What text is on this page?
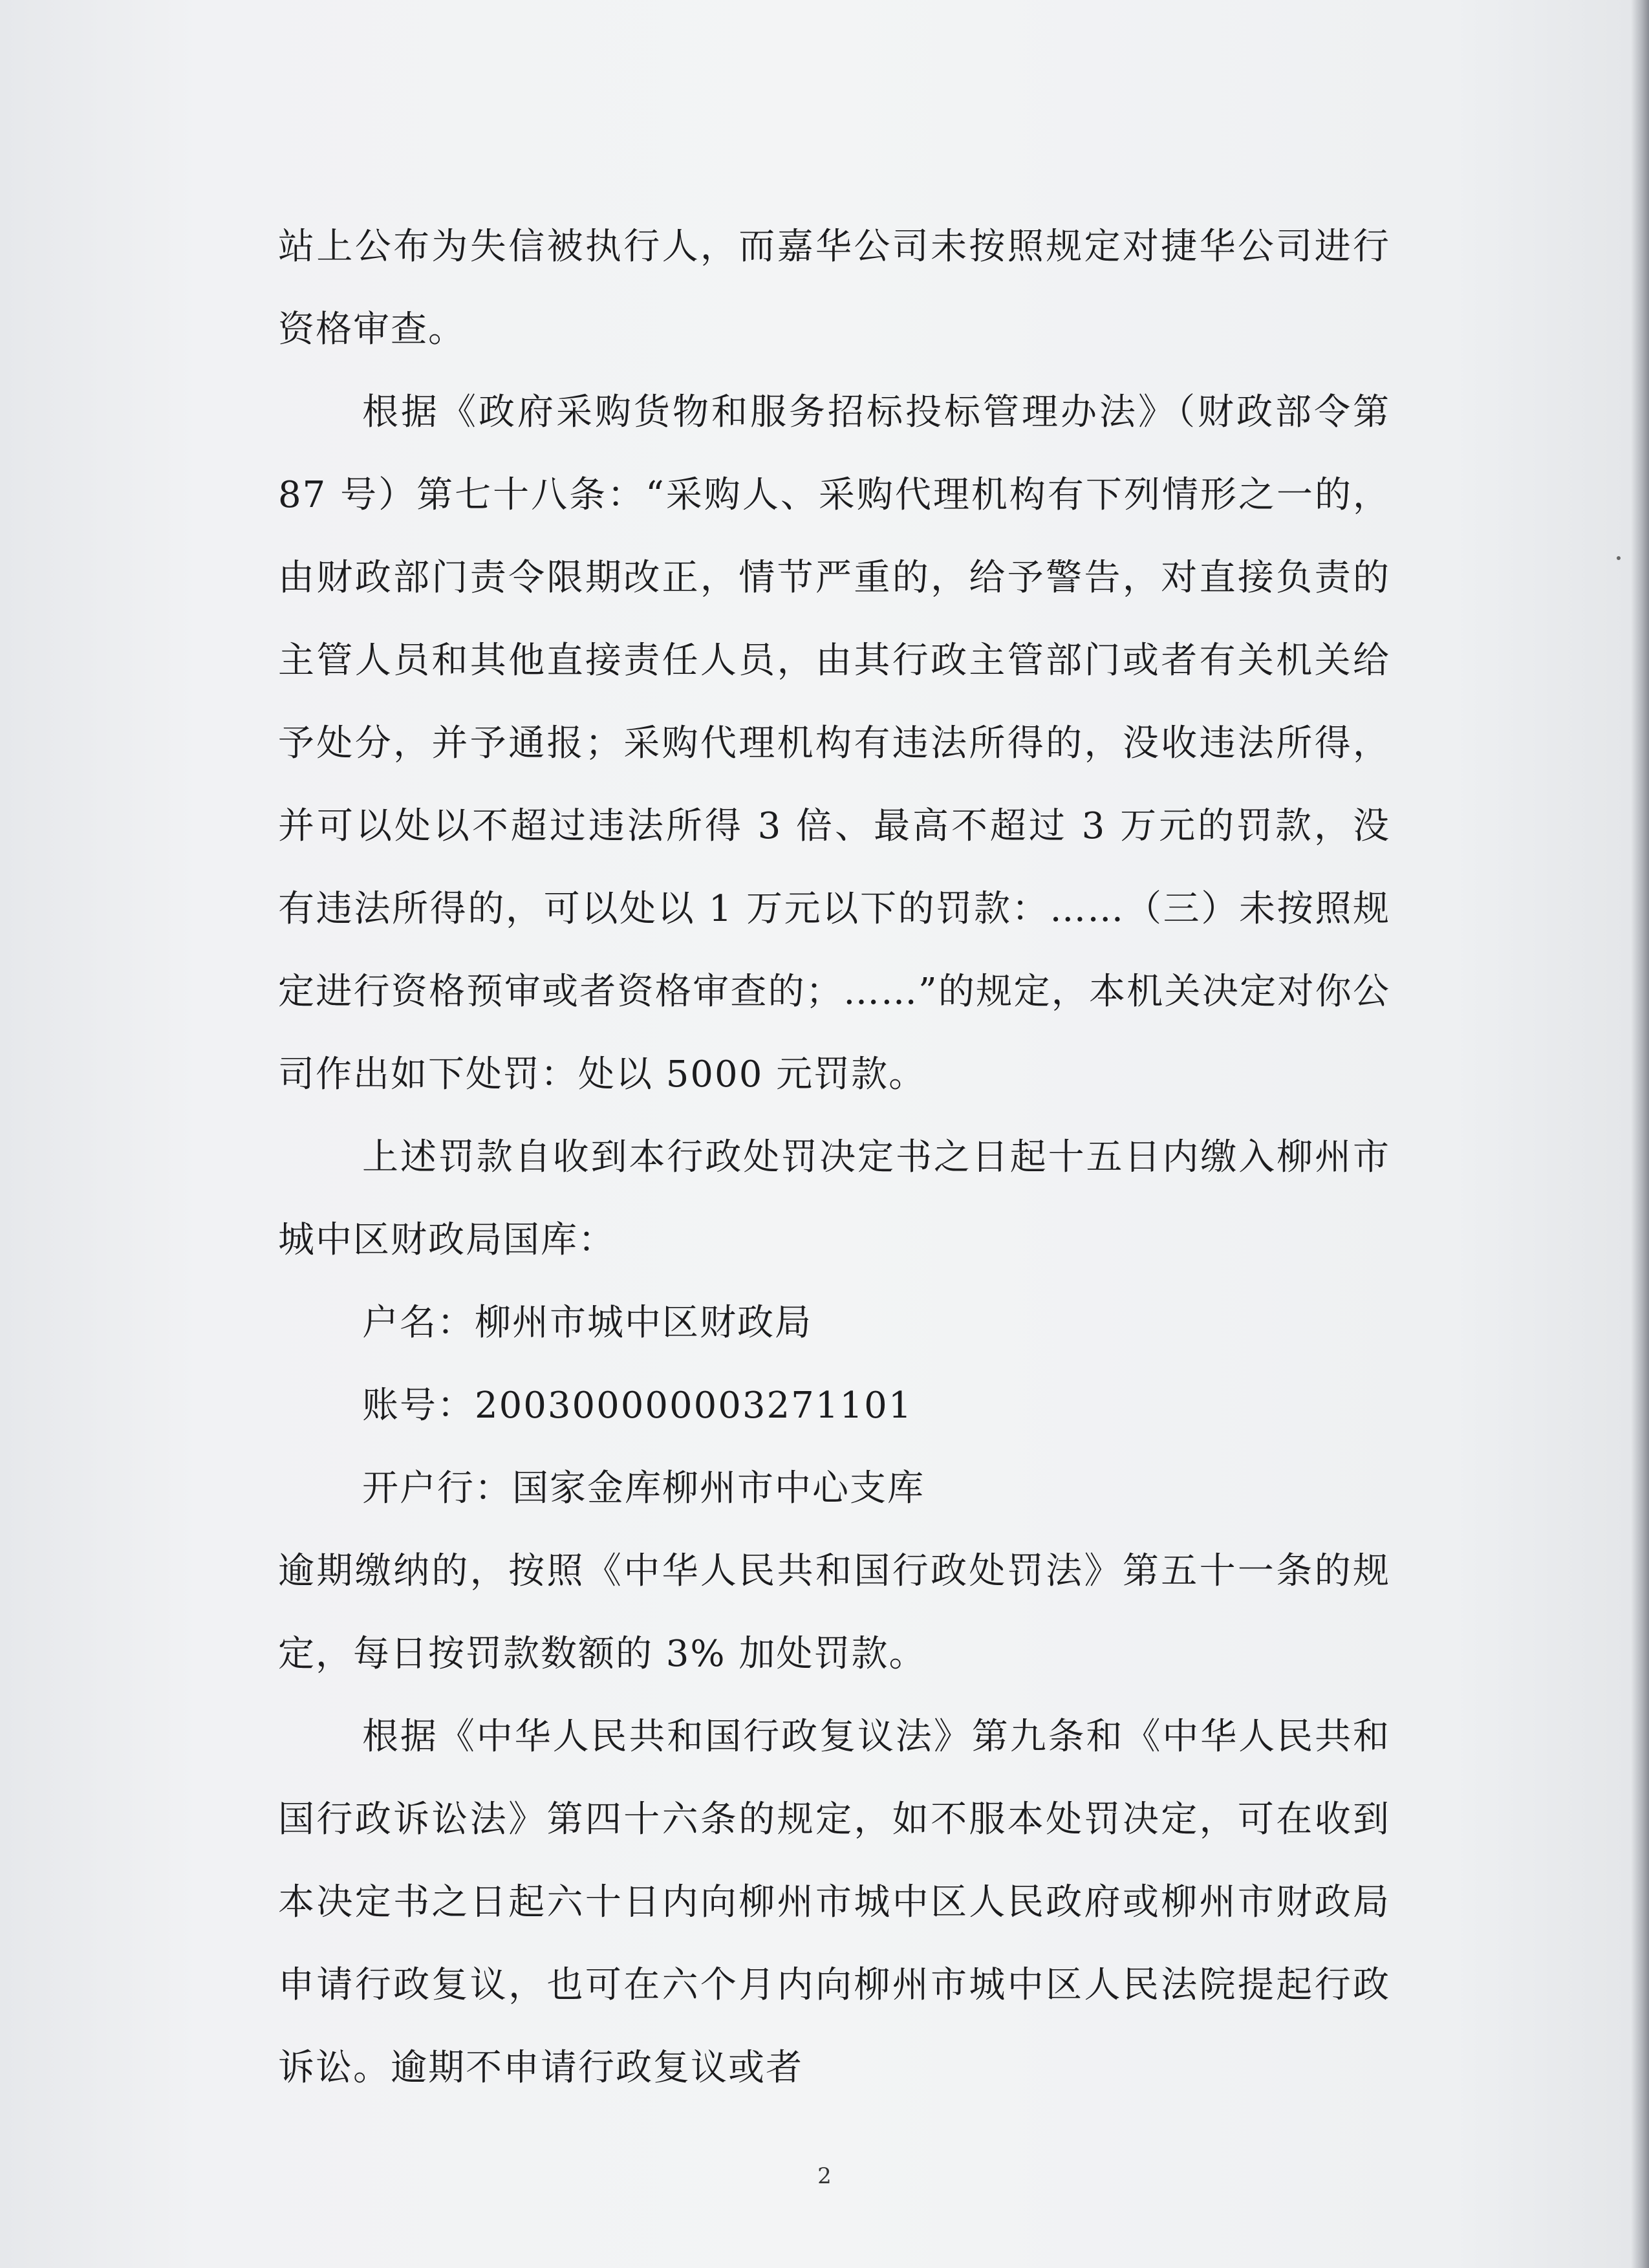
站上公布为失信被执行人，而嘉华公司未按照规定对捷华公司进行资格审查。

根据《政府采购货物和服务招标投标管理办法》（财政部令第 87 号）第七十八条：“采购人、采购代理机构有下列情形之一的，由财政部门责令限期改正，情节严重的，给予警告，对直接负责的主管人员和其他直接责任人员，由其行政主管部门或者有关机关给予处分，并予通报；采购代理机构有违法所得的，没收违法所得，并可以处以不超过违法所得 3 倍、最高不超过 3 万元的罚款，没有违法所得的，可以处以 1 万元以下的罚款：……（三）未按照规定进行资格预审或者资格审查的；……”的规定，本机关决定对你公司作出如下处罚：处以 5000 元罚款。

上述罚款自收到本行政处罚决定书之日起十五日内缴入柳州市城中区财政局国库：

户名：柳州市城中区财政局

账号：200300000003271101

开户行：国家金库柳州市中心支库

逾期缴纳的，按照《中华人民共和国行政处罚法》第五十一条的规定，每日按罚款数额的 3% 加处罚款。

根据《中华人民共和国行政复议法》第九条和《中华人民共和国行政诉讼法》第四十六条的规定，如不服本处罚决定，可在收到本决定书之日起六十日内向柳州市城中区人民政府或柳州市财政局申请行政复议，也可在六个月内向柳州市城中区人民法院提起行政诉讼。逾期不申请行政复议或者

2
